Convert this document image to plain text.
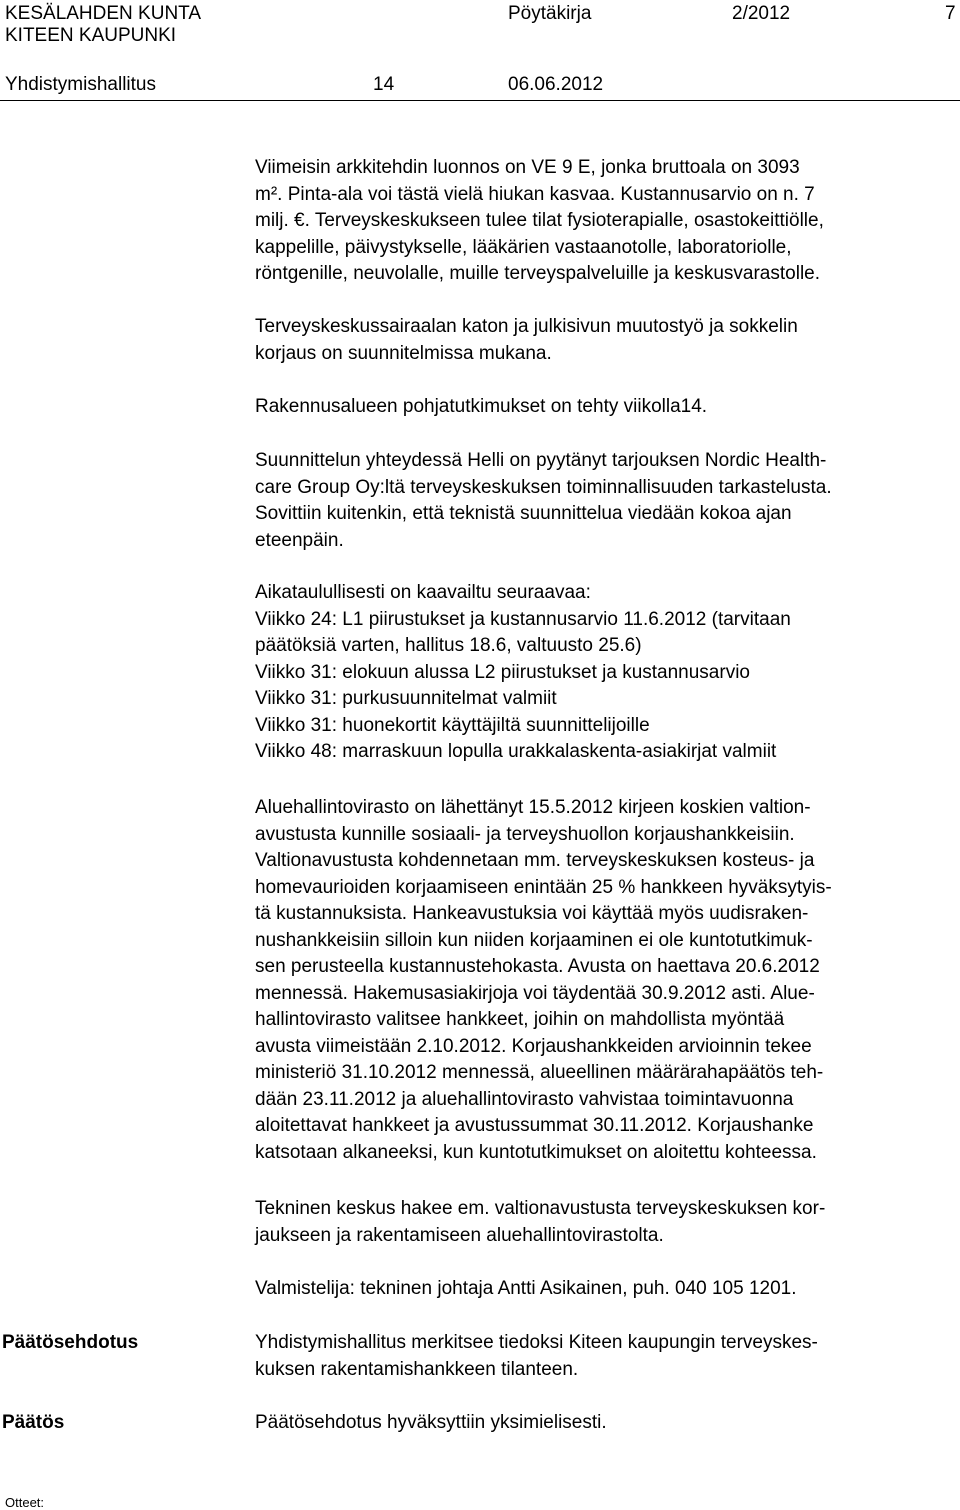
KESÄLAHDEN KUNTA
KITEEN KAUPUNKI
Pöytäkirja	2/2012	7
Yhdistymishallitus	14	06.06.2012
Viimeisin arkkitehdin luonnos on VE 9 E, jonka bruttoala on 3093
m². Pinta-ala voi tästä vielä hiukan kasvaa. Kustannusarvio on n. 7
milj. €. Terveyskeskukseen tulee tilat fysioterapialle, osastokeittiölle,
kappelille, päivystykselle, lääkärien vastaanotolle, laboratoriolle,
röntgenille, neuvolalle, muille terveyspalveluille ja keskusvarastolle.
Terveyskeskussairaalan katon ja julkisivun muutostyö ja sokkelin
korjaus on suunnitelmissa mukana.
Rakennusalueen pohjatutkimukset on tehty viikolla14.
Suunnittelun yhteydessä Helli on pyytänyt tarjouksen Nordic Health-
care Group Oy:ltä terveyskeskuksen toiminnallisuuden tarkastelusta.
Sovittiin kuitenkin, että teknistä suunnittelua viedään kokoa ajan
eteenpäin.
Aikataulullisesti on kaavailtu seuraavaa:
Viikko 24: L1 piirustukset ja kustannusarvio 11.6.2012 (tarvitaan
päätöksiä varten, hallitus 18.6, valtuusto 25.6)
Viikko 31: elokuun alussa L2 piirustukset ja kustannusarvio
Viikko 31: purkusuunnitelmat valmiit
Viikko 31: huonekortit käyttäjiltä suunnittelijoille
Viikko 48: marraskuun lopulla urakkalaskenta-asiakirjat valmiit
Aluehallintovirasto on lähettänyt 15.5.2012 kirjeen koskien valtion-
avustusta kunnille sosiaali- ja terveyshuollon korjaushankkeisiin.
Valtionavustusta kohdennetaan mm. terveyskeskuksen kosteus- ja
homevaurioiden korjaamiseen enintään 25 % hankkeen hyväksytyis-
tä kustannuksista. Hankeavustuksia voi käyttää myös uudisraken-
nushankkeisiin silloin kun niiden korjaaminen ei ole kuntotutkimuk-
sen perusteella kustannustehokasta. Avusta on haettava 20.6.2012
mennessä. Hakemusasiakirjoja voi täydentää 30.9.2012 asti. Alue-
hallintovirasto valitsee hankkeet, joihin on mahdollista myöntää
avusta viimeistään 2.10.2012. Korjaushankkeiden arvioinnin tekee
ministeriö 31.10.2012 mennessä, alueellinen määrärahapäätös teh-
dään 23.11.2012 ja aluehallintovirasto vahvistaa toimintavuonna
aloitettavat hankkeet ja avustussummat 30.11.2012. Korjaushanke
katsotaan alkaneeksi, kun kuntotutkimukset on aloitettu kohteessa.
Tekninen keskus hakee em. valtionavustusta terveyskeskuksen kor-
jaukseen ja rakentamiseen aluehallintovirastolta.
Valmistelija: tekninen johtaja Antti Asikainen, puh. 040 105 1201.
Päätösehdotus	Yhdistymishallitus merkitsee tiedoksi Kiteen kaupungin terveyskes-
kuksen rakentamishankkeen tilanteen.
Päätös	Päätösehdotus hyväksyttiin yksimielisesti.
Otteet:
